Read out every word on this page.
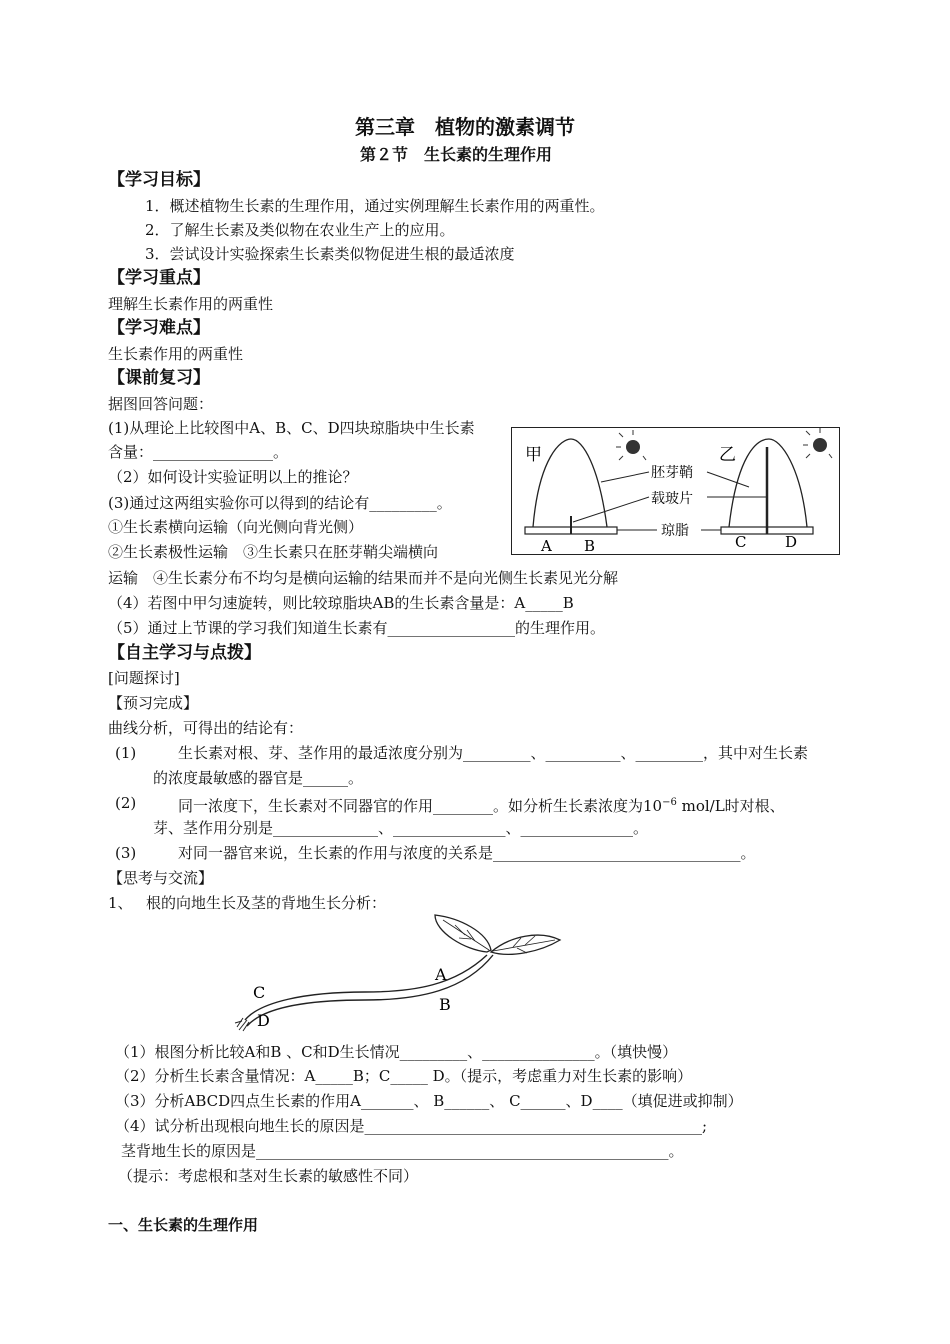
第三章　植物的激素调节
第２节　生长素的生理作用
【学习目标】
1．概述植物生长素的生理作用，通过实例理解生长素作用的两重性。
2．了解生长素及类似物在农业生产上的应用。
3．尝试设计实验探索生长素类似物促进生根的最适浓度
【学习重点】
理解生长素作用的两重性
【学习难点】
生长素作用的两重性
【课前复习】
据图回答问题：
(1)从理论上比较图中A、B、C、D四块琼脂块中生长素
含量：________________。
（2）如何设计实验证明以上的推论？
(3)通过这两组实验你可以得到的结论有_________。
①生长素横向运输（向光侧向背光侧）
②生长素极性运输　③生长素只在胚芽鞘尖端横向
运输　④生长素分布不均匀是横向运输的结果而并不是向光侧生长素见光分解
（4）若图中甲匀速旋转，则比较琼脂块AB的生长素含量是：A_____B
（5）通过上节课的学习我们知道生长素有_________________的生理作用。
甲	乙
胚芽鞘
载玻片
琼脂
A B	C	D
【自主学习与点拨】
[问题探讨]
【预习完成】
曲线分析，可得出的结论有：
(1)	生长素对根、芽、茎作用的最适浓度分别为_________、__________、_________，其中对生长素
的浓度最敏感的器官是______。
(2)	同一浓度下，生长素对不同器官的作用________。如分析生长素浓度为$10^{-6}$ mol/L时对根、
芽、茎作用分别是______________、_______________、_______________。
(3)	对同一器官来说，生长素的作用与浓度的关系是_________________________________。
【思考与交流】
1、 根的向地生长及茎的背地生长分析：
A
B
C
D
（1）根图分析比较A和B 、C和D生长情况_________、_______________。（填快慢）
（2）分析生长素含量情况：A_____B；C_____ D。（提示，考虑重力对生长素的影响）
（3）分析ABCD四点生长素的作用A_______、 B______、 C______、D____（填促进或抑制）
（4）试分析出现根向地生长的原因是_____________________________________________;
茎背地生长的原因是_______________________________________________________。
（提示：考虑根和茎对生长素的敏感性不同）
一、生长素的生理作用
